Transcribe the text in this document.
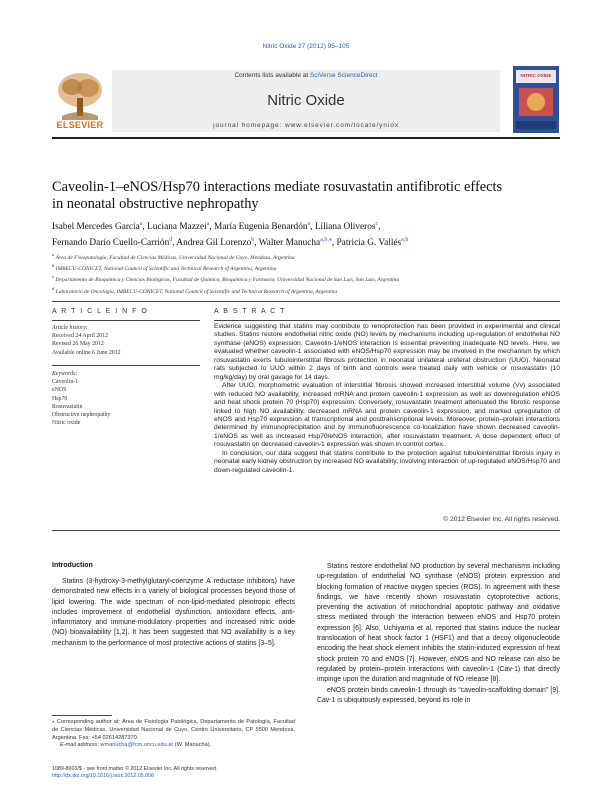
Nitric Oxide 27 (2012) 95–105
ELSEVIER
Contents lists available at SciVerse ScienceDirect
Nitric Oxide
journal homepage: www.elsevier.com/locate/yniox
NITRIC OXIDE
Caveolin-1–eNOS/Hsp70 interactions mediate rosuvastatin antifibrotic effects
in neonatal obstructive nephropathy
Isabel Mercedes García$^a$, Luciana Mazzei$^a$, María Eugenia Benardón$^a$, Liliana Oliveros$^c$,
Fernando Darío Cuello-Carrión$^d$, Andrea Gil Lorenzo$^b$, Walter Manucha$^{a,b,⁎}$, Patricia G. Vallés$^{a,b}$
$^a$ Área de Fisiopatología, Facultad de Ciencias Médicas, Universidad Nacional de Cuyo, Mendoza, Argentina
$^b$ IMBECU-CONICET, National Council of Scientific and Technical Research of Argentina, Argentina
$^c$ Departamento de Bioquímica y Ciencias Biológicas, Facultad de Química, Bioquímica y Farmacia, Universidad Nacional de San Luis, San Luis, Argentina
$^d$ Laboratorio de Oncología, IMBECU-CONICET, National Council of Scientific and Technical Research of Argentina, Argentina
A R T I C L E I N F O	A B S T R A C T
Article history:
Received 24 April 2012
Revised 26 May 2012
Available online 6 June 2012
Keywords:
Caveolin-1
eNOS
Hsp70
Rosuvastatin
Obstructive nephropathy
Nitric oxide

Evidence suggesting that statins may contribute to renoprotection has been provided in experimental and clinical studies. Statins restore endothelial nitric oxide (NO) levels by mechanisms including up-regulation of endothelial NO synthase (eNOS) expression. Caveolin-1/eNOS interaction is essential preventing inadequate NO levels. Here, we evaluated whether caveolin-1 associated with eNOS/Hsp70 expression may be involved in the mechanism by which rosuvastatin exerts tubulointerstitial fibrosis protection in neonatal unilateral ureteral obstruction (UUO). Neonatal rats subjected to UUO within 2 days of birth and controls were treated daily with vehicle or rosuvastatin (10 mg/kg/day) by oral gavage for 14 days.

After UUO, morphometric evaluation of interstitial fibrosis showed increased interstitial volume (Vv) associated with reduced NO availability, increased mRNA and protein caveolin-1 expression as well as downregulation eNOS and heat shock protein 70 (Hsp70) expression. Conversely, rosuvastatin treatment attenuated the fibrotic response linked to high NO availability, decreased mRNA and protein caveolin-1 expression, and marked upregulation of eNOS and Hsp70 expression at transcriptional and posttranscriptional levels. Moreover, protein–protein interactions determined by immunoprecipitation and by immunofluorescence co-localization have shown decreased caveolin-1/eNOS as well as increased Hsp70/eNOS interaction, after rosuvastatin treatment. A dose dependent effect of rosuvastatin on decreased caveolin-1 expression was shown in control cortex.

In conclusion, our data suggest that statins contribute to the protection against tubulointerstitial fibrosis injury in neonatal early kidney obstruction by increased NO availability, involving interaction of up-regulated eNOS/Hsp70 and down-regulated caveolin-1.

© 2012 Elsevier Inc. All rights reserved.
Introduction

Statins (3-hydroxy-3-methylglutaryl-coenzyme A reductase inhibitors) have demonstrated new effects in a variety of biological processes beyond those of lipid lowering. The wide spectrum of non-lipid-mediated pleiotropic effects includes improvement of endothelial dysfunction, antioxidant effects, anti-inflammatory and immune-modulatory properties and increased nitric oxide (NO) bioavailability [1,2]. It has been suggested that NO availability is a key mechanism to the performance of most protective actions of statins [3–5].

Statins restore endothelial NO production by several mechanisms including up-regulation of endothelial NO synthase (eNOS) protein expression and blocking formation of reactive oxygen species (ROS). In agreement with these findings, we have recently shown rosuvastatin cytoprotective actions, preventing the activation of mitochondrial apoptotic pathway and oxidative stress mediated through the interaction between eNOS and Hsp70 protein expression [6]. Also, Uchiyama et al. reported that statins induce the nuclear translocation of heat shock factor 1 (HSF1) and that a decoy oligonucleotide encoding the heat shock element inhibits the statin-induced expression of heat shock protein 70 and eNOS [7]. However, eNOS and NO release can also be regulated by protein–protein interactions with caveolin-1 (Cav-1) that directly impinge upon the duration and magnitude of NO release [8].

eNOS protein binds caveolin-1 through its “caveolin-scaffolding domain” [9]. Cav-1 is ubiquitously expressed, beyond its role in

⁎ Corresponding author at: Área de Fisiología Patológica, Departamento de Patología, Facultad de Ciencias Médicas, Universidad Nacional de Cuyo, Centro Universitario, CP 5500 Mendoza, Argentina. Fax: +54 02614287370.
E-mail address: wmanucha@fcm.uncu.edu.ar (W. Manucha).
1089-8603/$ - see front matter © 2012 Elsevier Inc. All rights reserved.
http://dx.doi.org/10.1016/j.niox.2012.05.006
